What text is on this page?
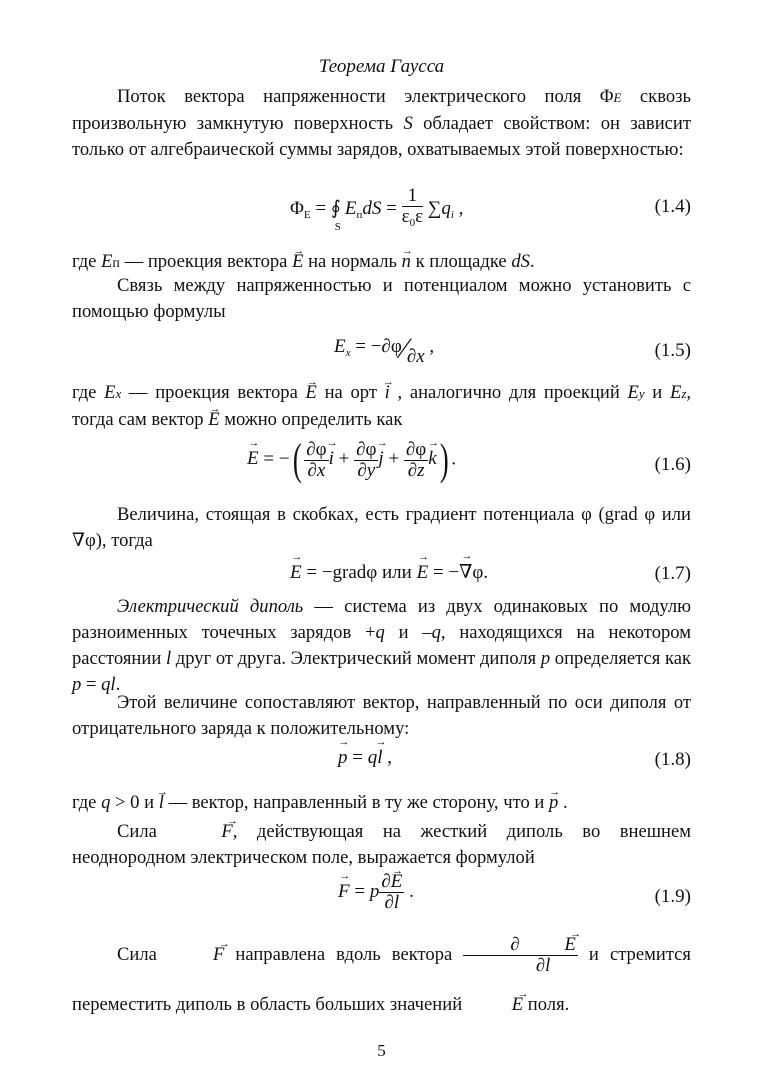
Теорема Гаусса
Поток вектора напряженности электрического поля ΦE сквозь произвольную замкнутую поверхность S обладает свойством: он зависит только от алгебраической суммы зарядов, охватываемых этой поверхностью:
$\Phi_E$ = $∮_SE_пdS = \frac{1}{\varepsilon_0\varepsilon} \sum q_i$ ,	(1.4)
где Eп — проекция вектора → E на нормаль → n к площадке dS.
Связь между напряженностью и потенциалом можно установить с помощью формулы
$E_x$ = −∂φ⁄∂x ,	(1.5)
где Ex — проекция вектора → E на орт → i , аналогично для проекций Ey и Ez, тогда сам вектор → E можно определить как
→ E = −( $\frac{\partial\varphi}{\partial x}$
→ $i + \frac{\partial\varphi}{\partial y}$
→ $j + \frac{\partial\varphi}{\partial z}$
→ k) .	(1.6)
Величина, стоящая в скобках, есть градиент потенциала φ (grad φ или ∇φ), тогда
→ E = −gradφ или → E = −→ ∇φ.	(1.7)
Электрический диполь — система из двух одинаковых по модулю разноименных точечных зарядов +q и –q, находящихся на некотором расстоянии l друг от друга. Электрический момент диполя p определяется как p = ql.
Этой величине сопоставляют вектор, направленный по оси диполя от отрицательного заряда к положительному:
→ p = q→ l ,	(1.8)
где q > 0 и → l — вектор, направленный в ту же сторону, что и → p .
Сила → F, действующая на жесткий диполь во внешнем неоднородном электрическом поле, выражается формулой
→ F = p $\frac{\partial\to E}{\partial l}$ .	(1.9)
Сила → F направлена вдоль вектора $\frac{\partial\to E}{\partial l}$ и стремится переместить диполь в область больших значений → E поля.
5
